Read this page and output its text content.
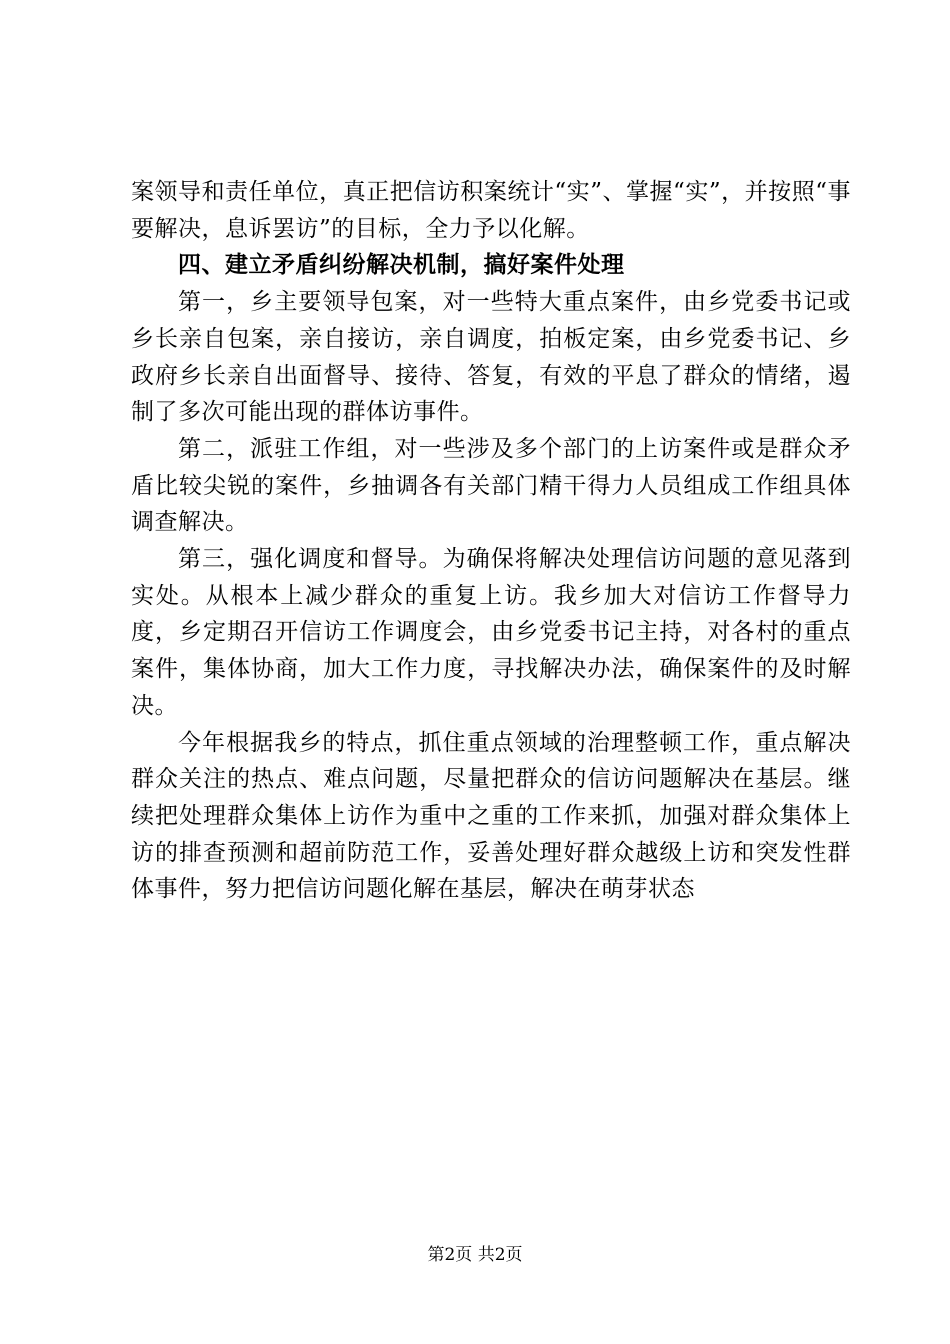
案领导和责任单位，真正把信访积案统计“实”、掌握“实”，并按照“事要解决，息诉罢访”的目标，全力予以化解。

四、建立矛盾纠纷解决机制，搞好案件处理

第一，乡主要领导包案，对一些特大重点案件，由乡党委书记或乡长亲自包案，亲自接访，亲自调度，拍板定案，由乡党委书记、乡政府乡长亲自出面督导、接待、答复，有效的平息了群众的情绪，遏制了多次可能出现的群体访事件。

第二，派驻工作组，对一些涉及多个部门的上访案件或是群众矛盾比较尖锐的案件，乡抽调各有关部门精干得力人员组成工作组具体调查解决。

第三，强化调度和督导。为确保将解决处理信访问题的意见落到实处。从根本上减少群众的重复上访。我乡加大对信访工作督导力度，乡定期召开信访工作调度会，由乡党委书记主持，对各村的重点案件，集体协商，加大工作力度，寻找解决办法，确保案件的及时解决。

今年根据我乡的特点，抓住重点领域的治理整顿工作，重点解决群众关注的热点、难点问题，尽量把群众的信访问题解决在基层。继续把处理群众集体上访作为重中之重的工作来抓，加强对群众集体上访的排查预测和超前防范工作，妥善处理好群众越级上访和突发性群体事件，努力把信访问题化解在基层，解决在萌芽状态

第2页 共2页
